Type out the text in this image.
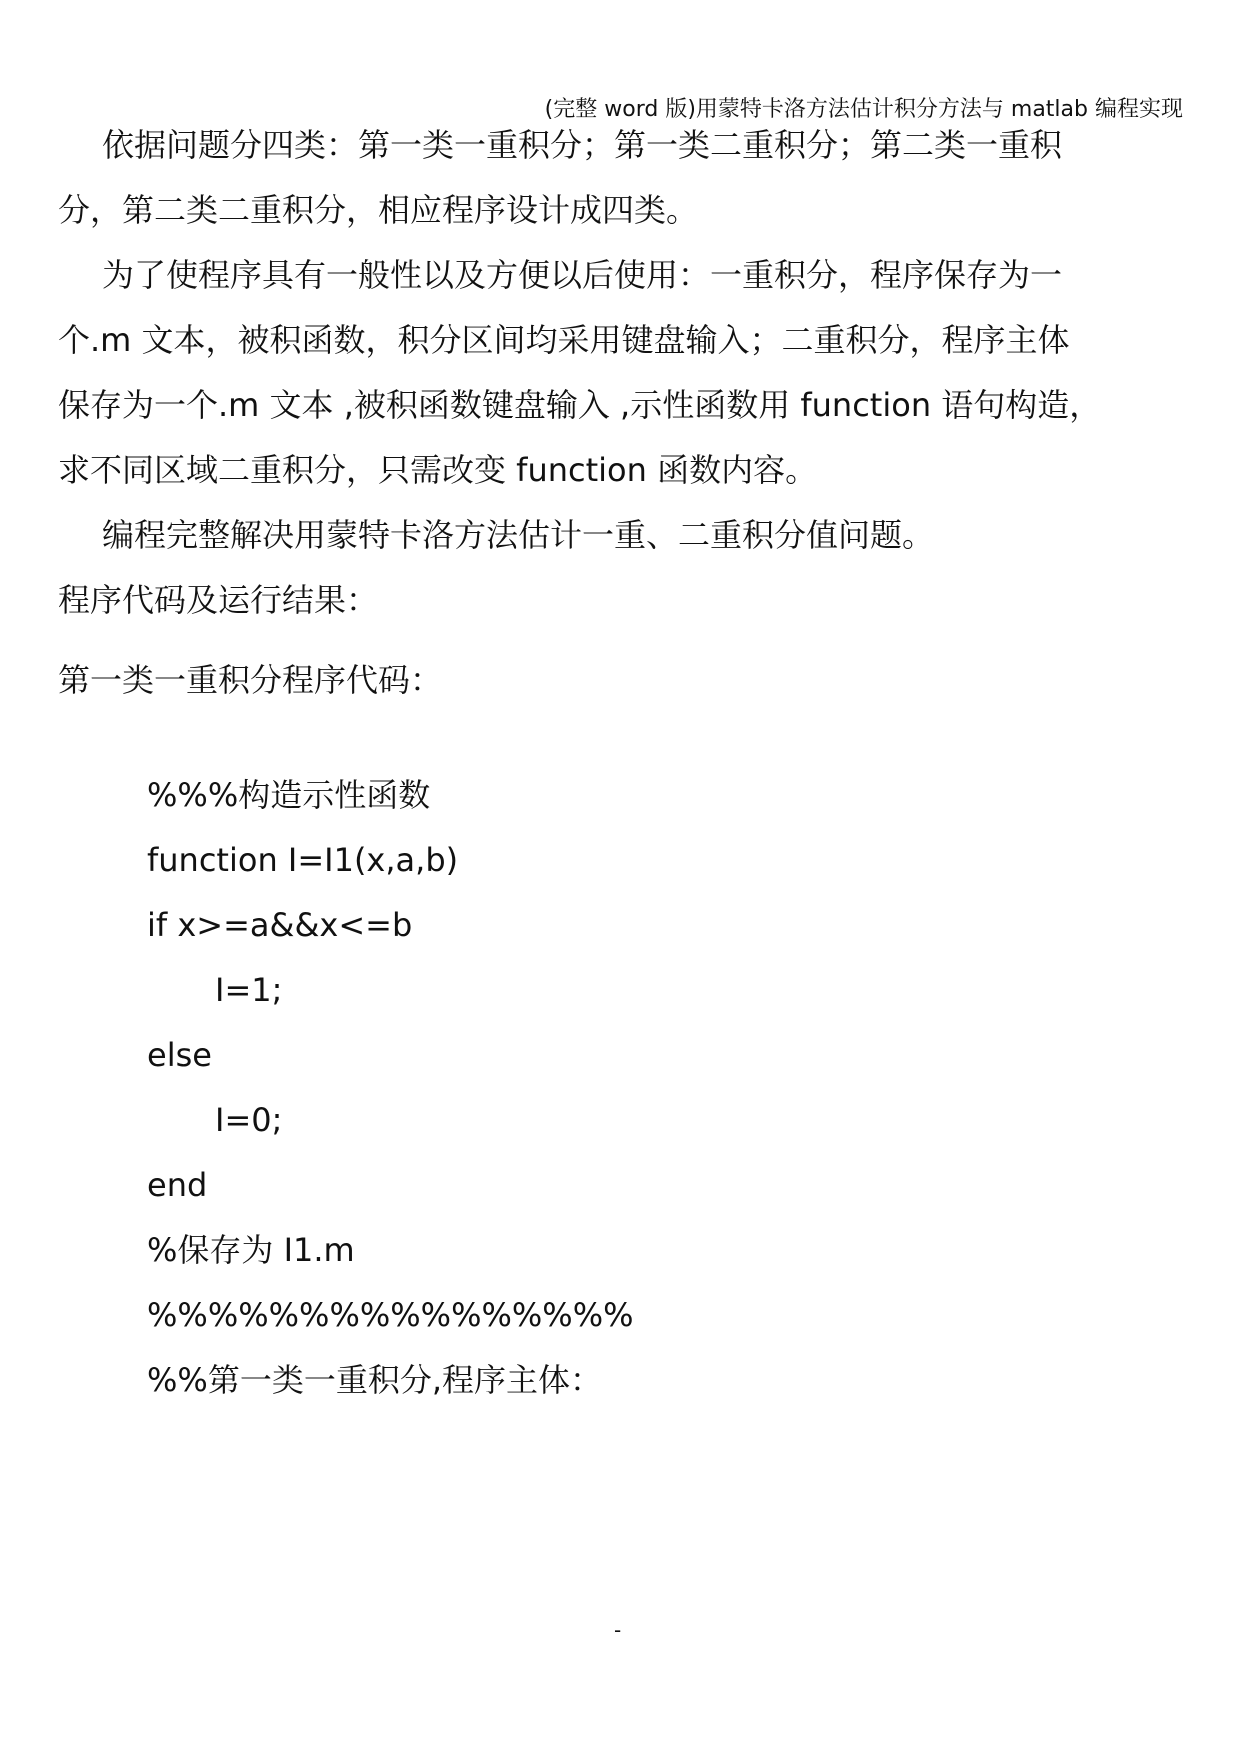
(完整 word 版)用蒙特卡洛方法估计积分方法与 matlab 编程实现
依据问题分四类：第一类一重积分；第一类二重积分；第二类一重积
分，第二类二重积分，相应程序设计成四类。
为了使程序具有一般性以及方便以后使用：一重积分，程序保存为一
个.m 文本，被积函数，积分区间均采用键盘输入；二重积分，程序主体
保存为一个.m 文本 ,被积函数键盘输入 ,示性函数用 function 语句构造，
求不同区域二重积分，只需改变 function 函数内容。
编程完整解决用蒙特卡洛方法估计一重、二重积分值问题。
程序代码及运行结果：
第一类一重积分程序代码：
%%%构造示性函数
function I=I1(x,a,b)
if x>=a&&x<=b
I=1;
else
I=0;
end
%保存为 I1.m
%%%%%%%%%%%%%%%%
%%第一类一重积分,程序主体：
-
